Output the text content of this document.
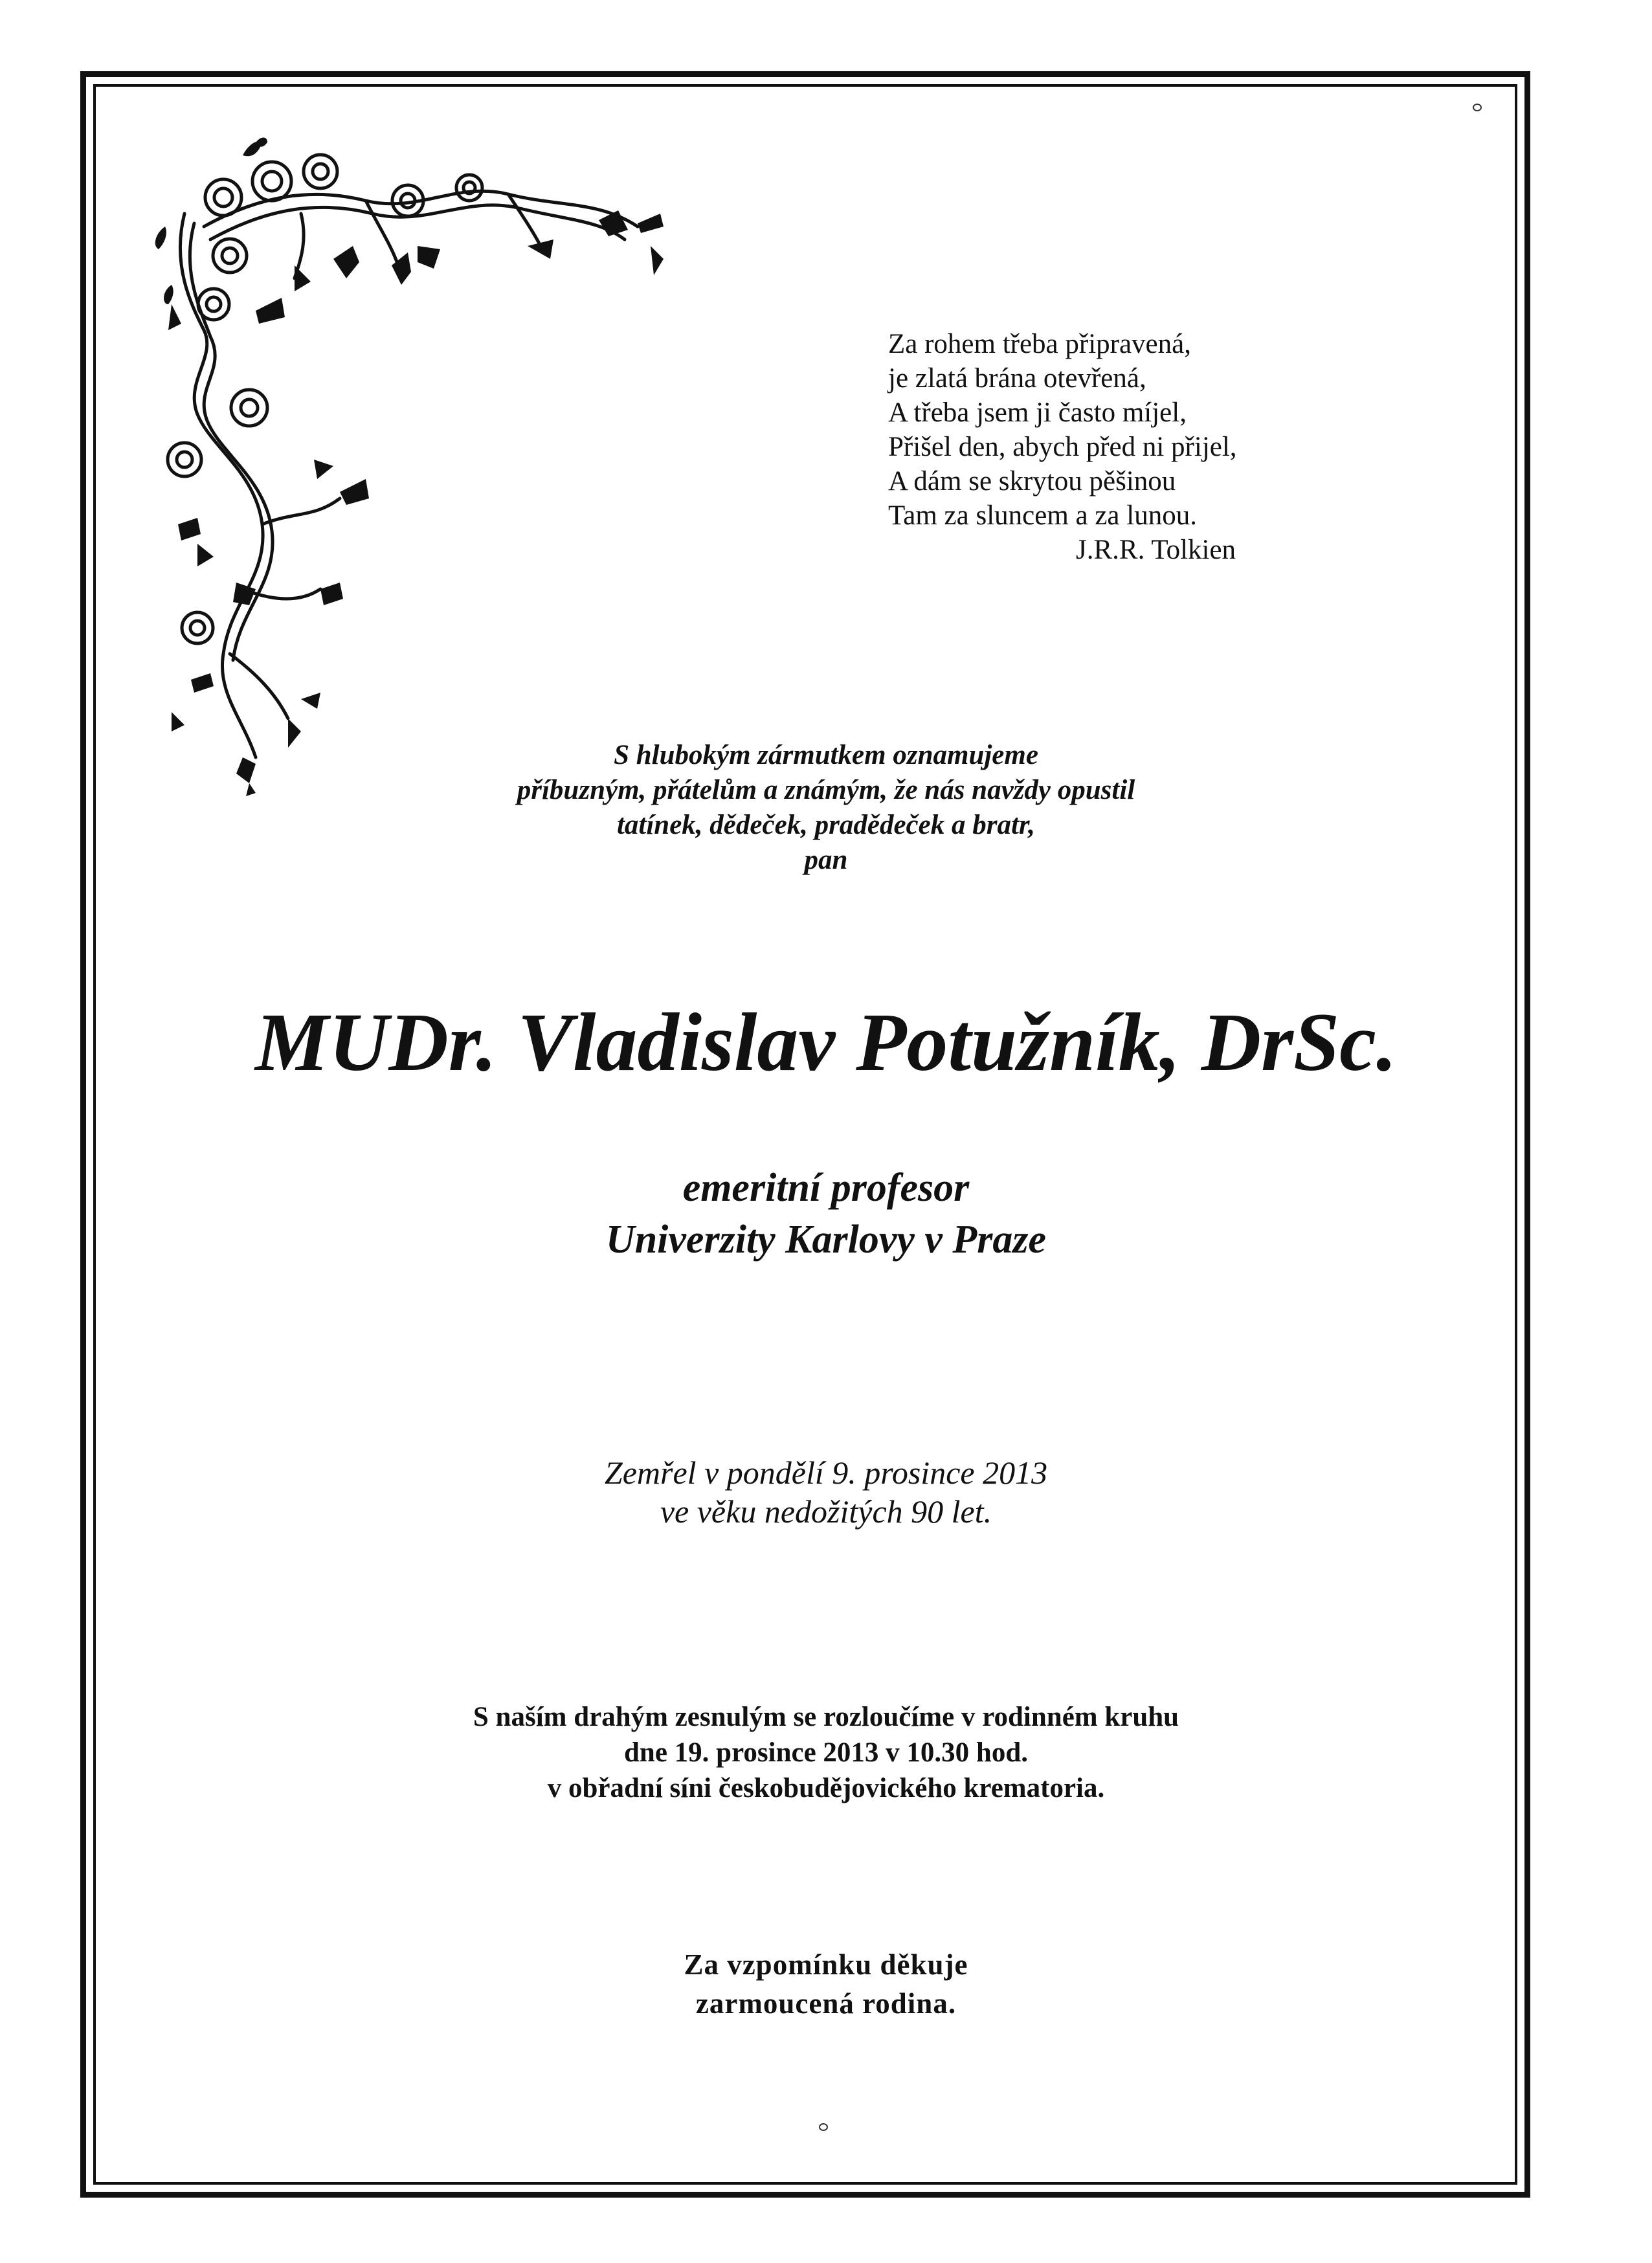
Za rohem třeba připravená,
je zlatá brána otevřená,
A třeba jsem ji často míjel,
Přišel den, abych před ni přijel,
A dám se skrytou pěšinou
Tam za sluncem a za lunou.
J.R.R. Tolkien
S hlubokým zármutkem oznamujeme
příbuzným, přátelům a známým, že nás navždy opustil
tatínek, dědeček, pradědeček a bratr,
pan
MUDr. Vladislav Potužník, DrSc.
emeritní profesor
Univerzity Karlovy v Praze
Zemřel v pondělí 9. prosince 2013
ve věku nedožitých 90 let.
S naším drahým zesnulým se rozloučíme v rodinném kruhu
dne 19. prosince 2013 v 10.30 hod.
v obřadní síni českobudějovického krematoria.
Za vzpomínku děkuje
zarmoucená rodina.
